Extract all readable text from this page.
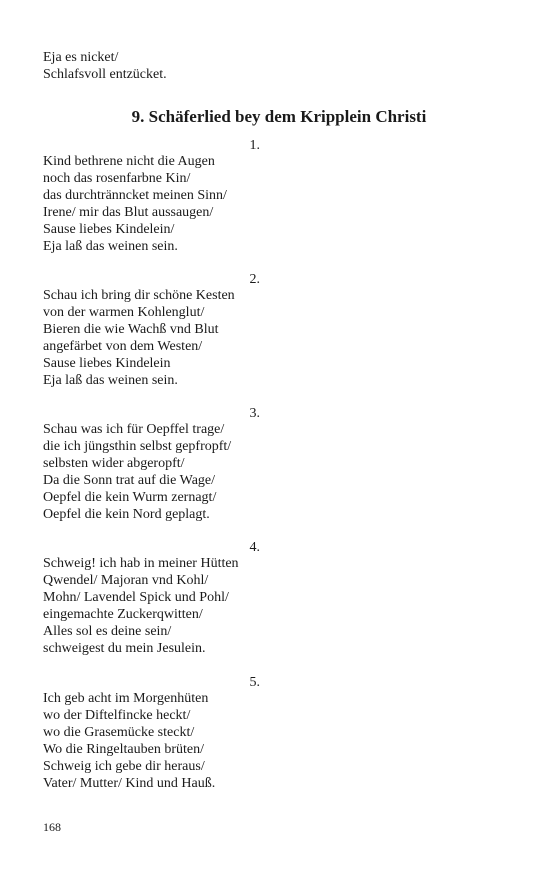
Eja es nicket/
Schlafsvoll entzücket.
9. Schäferlied bey dem Kripplein Christi
1.
Kind bethrene nicht die Augen
noch das rosenfarbne Kin/
das durchtränncket meinen Sinn/
Irene/ mir das Blut aussaugen/
Sause liebes Kindelein/
Eja laß das weinen sein.
2.
Schau ich bring dir schöne Kesten
von der warmen Kohlenglut/
Bieren die wie Wachß vnd Blut
angefärbet von dem Westen/
Sause liebes Kindelein
Eja laß das weinen sein.
3.
Schau was ich für Oepffel trage/
die ich jüngsthin selbst gepfropft/
selbsten wider abgeropft/
Da die Sonn trat auf die Wage/
Oepfel die kein Wurm zernagt/
Oepfel die kein Nord geplagt.
4.
Schweig! ich hab in meiner Hütten
Qwendel/ Majoran vnd Kohl/
Mohn/ Lavendel Spick und Pohl/
eingemachte Zuckerqwitten/
Alles sol es deine sein/
schweigest du mein Jesulein.
5.
Ich geb acht im Morgenhüten
wo der Diftelfincke heckt/
wo die Grasemücke steckt/
Wo die Ringeltauben brüten/
Schweig ich gebe dir heraus/
Vater/ Mutter/ Kind und Hauß.
168
